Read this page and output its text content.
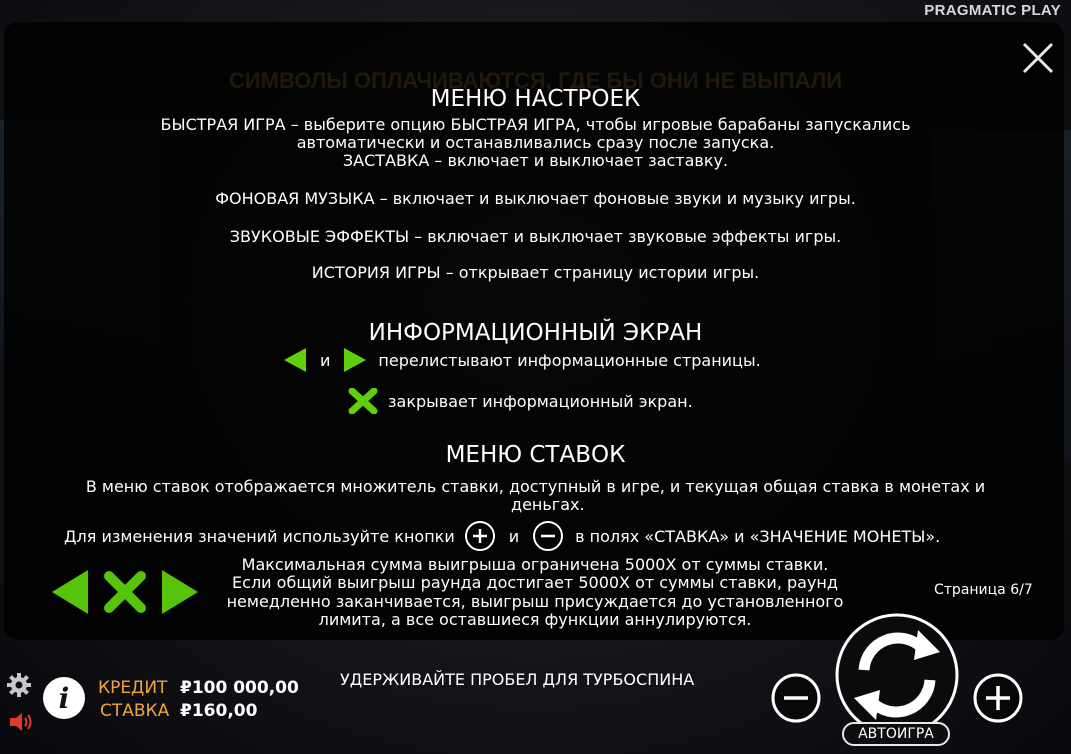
PRAGMATIC PLAY
СИМВОЛЫ ОПЛАЧИВАЮТСЯ, ГДЕ БЫ ОНИ НЕ ВЫПАЛИ
МЕНЮ НАСТРОЕК
БЫСТРАЯ ИГРА – выберите опцию БЫСТРАЯ ИГРА, чтобы игровые барабаны запускались
автоматически и останавливались сразу после запуска.
ЗАСТАВКА – включает и выключает заставку.
ФОНОВАЯ МУЗЫКА – включает и выключает фоновые звуки и музыку игры.
ЗВУКОВЫЕ ЭФФЕКТЫ – включает и выключает звуковые эффекты игры.
ИСТОРИЯ ИГРЫ – открывает страницу истории игры.
ИНФОРМАЦИОННЫЙ ЭКРАН
и	перелистывают информационные страницы.
закрывает информационный экран.
МЕНЮ СТАВОК
В меню ставок отображается множитель ставки, доступный в игре, и текущая общая ставка в монетах и
деньгах.
Для изменения значений используйте кнопки	и	в полях «СТАВКА» и «ЗНАЧЕНИЕ МОНЕТЫ».
Максимальная сумма выигрыша ограничена 5000X от суммы ставки.
Если общий выигрыш раунда достигает 5000X от суммы ставки, раунд
немедленно заканчивается, выигрыш присуждается до установленного
лимита, а все оставшиеся функции аннулируются.
Страница 6/7
i КРЕДИТ ₽100 000,00
СТАВКА ₽160,00
УДЕРЖИВАЙТЕ ПРОБЕЛ ДЛЯ ТУРБОСПИНА
АВТОИГРА
